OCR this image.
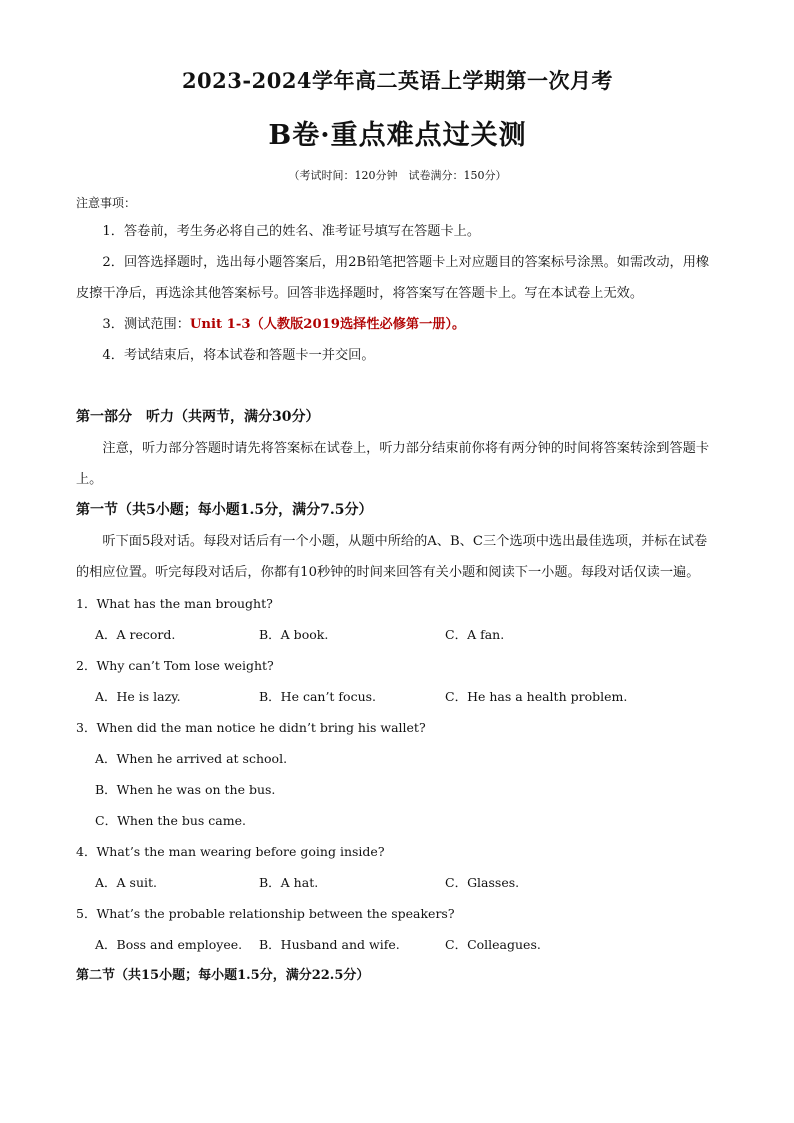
2023-2024学年高二英语上学期第一次月考

B卷·重点难点过关测

（考试时间：120分钟　试卷满分：150分）

注意事项：

1．答卷前，考生务必将自己的姓名、准考证号填写在答题卡上。

2．回答选择题时，选出每小题答案后，用2B铅笔把答题卡上对应题目的答案标号涂黑。如需改动，用橡皮擦干净后，再选涂其他答案标号。回答非选择题时，将答案写在答题卡上。写在本试卷上无效。

3．测试范围：Unit 1-3（人教版2019选择性必修第一册）。

4．考试结束后，将本试卷和答题卡一并交回。

第一部分　听力（共两节，满分30分）

注意，听力部分答题时请先将答案标在试卷上，听力部分结束前你将有两分钟的时间将答案转涂到答题卡上。

第一节（共5小题；每小题1.5分，满分7.5分）

听下面5段对话。每段对话后有一个小题，从题中所给的A、B、C三个选项中选出最佳选项，并标在试卷的相应位置。听完每段对话后，你都有10秒钟的时间来回答有关小题和阅读下一小题。每段对话仅读一遍。

1．What has the man brought?

A．A record.	B．A book.	C．A fan.

2．Why can’t Tom lose weight?

A．He is lazy.	B．He can’t focus.	C．He has a health problem.

3．When did the man notice he didn’t bring his wallet?

A．When he arrived at school.

B．When he was on the bus.

C．When the bus came.

4．What’s the man wearing before going inside?

A．A suit.	B．A hat.	C．Glasses.

5．What’s the probable relationship between the speakers?

A．Boss and employee. B．Husband and wife.	C．Colleagues.

第二节（共15小题；每小题1.5分，满分22.5分）
